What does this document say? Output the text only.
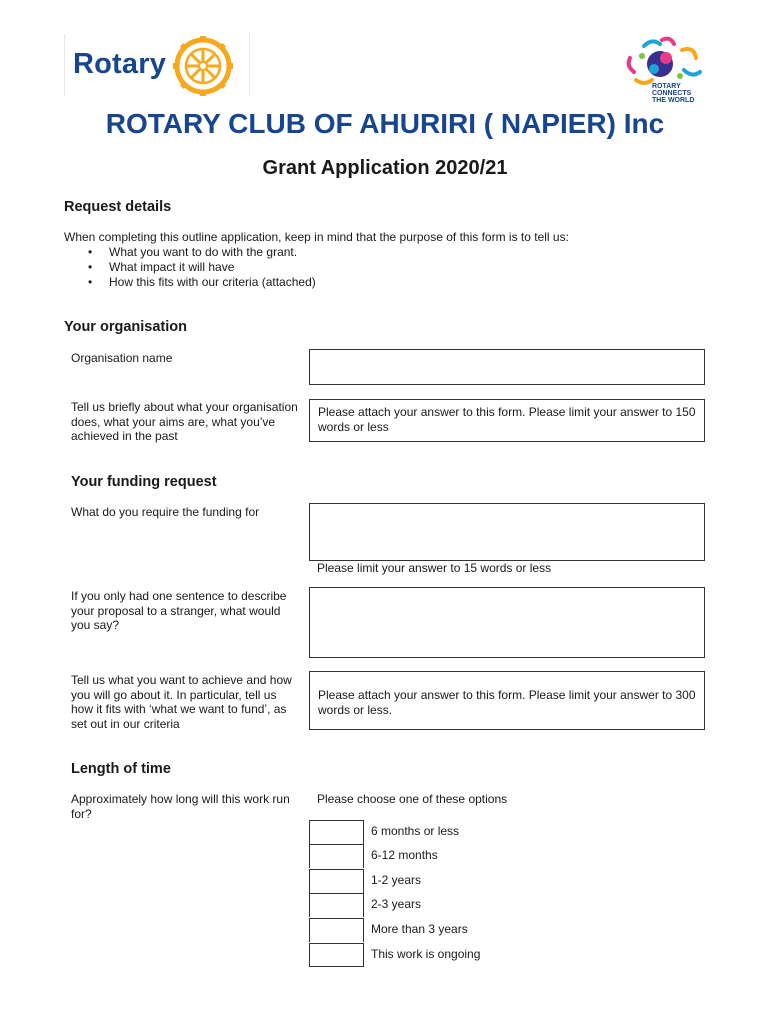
Rotary
ROTARY
CONNECTS
THE WORLD
ROTARY CLUB OF AHURIRI ( NAPIER) Inc
Grant Application 2020/21
Request details
When completing this outline application, keep in mind that the purpose of this form is to tell us:
• What you want to do with the grant.
• What impact it will have
• How this fits with our criteria (attached)
Your organisation
Organisation name
Tell us briefly about what your organisation does, what your aims are, what you’ve achieved in the past
Please attach your answer to this form. Please limit your answer to 150 words or less
Your funding request
What do you require the funding for
Please limit your answer to 15 words or less
If you only had one sentence to describe your proposal to a stranger, what would you say?
Tell us what you want to achieve and how you will go about it. In particular, tell us how it fits with ‘what we want to fund’, as set out in our criteria
Please attach your answer to this form. Please limit your answer to 300 words or less.
Length of time
Approximately how long will this work run for?
Please choose one of these options
6 months or less
6-12 months
1-2 years
2-3 years
More than 3 years
This work is ongoing
